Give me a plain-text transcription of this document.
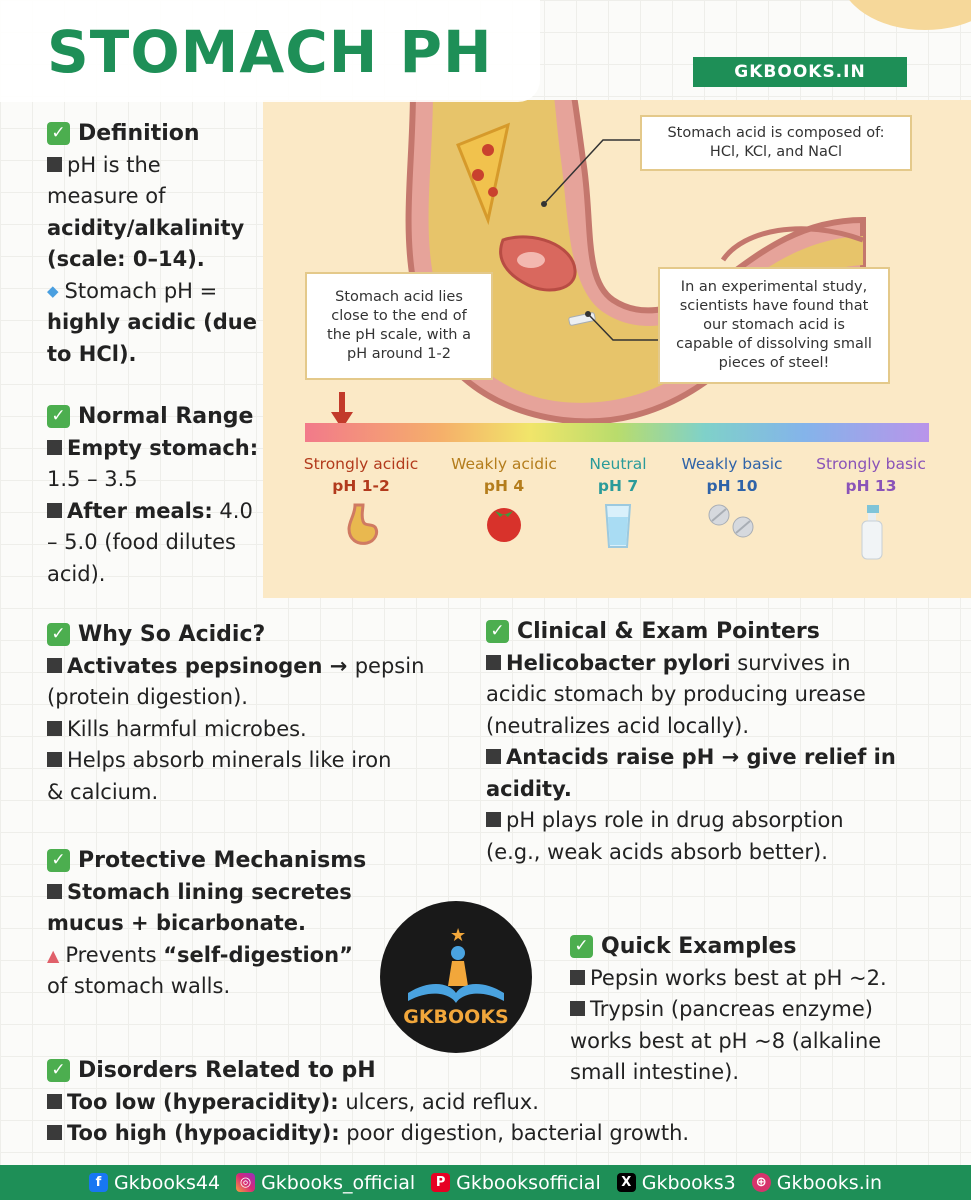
Stomach acid is composed of: HCl, KCl, and NaCl
Stomach acid lies close to the end of the pH scale, with a pH around 1-2
In an experimental study, scientists have found that our stomach acid is capable of dissolving small pieces of steel!
Strongly acidic
pH 1-2
Weakly acidic
pH 4
Neutral
pH 7
Weakly basic
pH 10
Strongly basic
pH 13
STOMACH PH	GKBOOKS.IN
✓ Definition
pH is the
measure of
acidity/alkalinity
(scale: 0–14).
◆ Stomach pH =
highly acidic (due
to HCl).
✓ Normal Range
Empty stomach:
1.5 – 3.5
After meals: 4.0
– 5.0 (food dilutes
acid).
✓ Why So Acidic?
Activates pepsinogen → pepsin
(protein digestion).
Kills harmful microbes.
Helps absorb minerals like iron
& calcium.
✓ Protective Mechanisms
Stomach lining secretes
mucus + bicarbonate.
▲ Prevents “self-digestion”
of stomach walls.
✓ Clinical & Exam Pointers
Helicobacter pylori survives in
acidic stomach by producing urease
(neutralizes acid locally).
Antacids raise pH → give relief in
acidity.
pH plays role in drug absorption
(e.g., weak acids absorb better).
★
GKBOOKS
✓ Quick Examples
Pepsin works best at pH ~2.
Trypsin (pancreas enzyme)
works best at pH ~8 (alkaline
small intestine).
✓ Disorders Related to pH
Too low (hyperacidity): ulcers, acid reflux.
Too high (hypoacidity): poor digestion, bacterial growth.
f Gkbooks44 ◎ Gkbooks_official	P Gkbooksofficial	X Gkbooks3	⊕ Gkbooks.in
